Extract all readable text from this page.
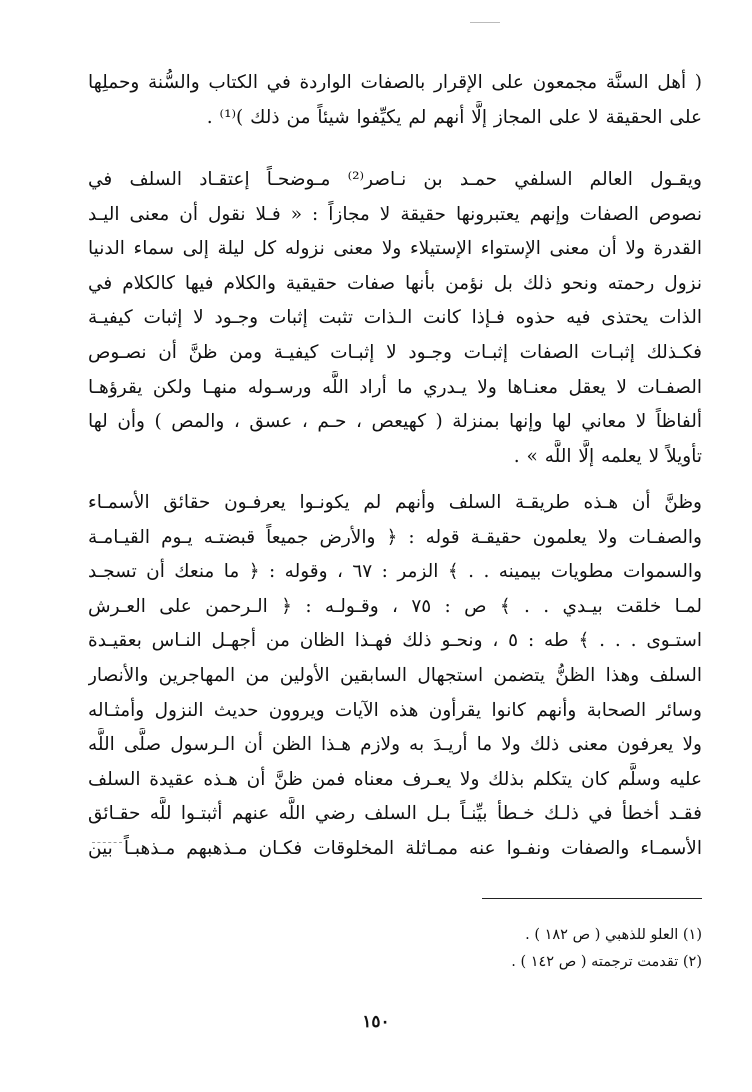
( أهل السنَّة مجمعون على الإقرار بالصفات الواردة في الكتاب والسُّنة وحملِها
على الحقيقة لا على المجاز إلَّا أنهم لم يكيِّفوا شيئاً من ذلك )⁽¹⁾ .
ويقـول العالم السلفي حمـد بن نـاصر⁽²⁾ مـوضحـاً إعتقـاد السلف في
نصوص الصفات وإنهم يعتبرونها حقيقة لا مجازاً : « فـلا نقول أن معنى اليـد
القدرة ولا أن معنى الإستواء الإستيلاء ولا معنى نزوله كل ليلة إلى سماء الدنيا
نزول رحمته ونحو ذلك بل نؤمن بأنها صفات حقيقية والكلام فيها كالكلام في
الذات يحتذى فيه حذوه فـإذا كانت الـذات تثبت إثبات وجـود لا إثبات كيفيـة
فكـذلك إثبـات الصفات إثبـات وجـود لا إثبـات كيفيـة ومن ظنَّ أن نصـوص
الصفـات لا يعقل معنـاها ولا يـدري ما أراد اللَّه ورسـوله منهـا ولكن يقرؤهـا
ألفاظاً لا معاني لها وإنها بمنزلة ( كهيعص ، حـم ، عسق ، والمص ) وأن لها
تأويلاً لا يعلمه إلَّا اللَّه » .
وظنَّ أن هـذه طريقـة السلف وأنهم لم يكونـوا يعرفـون حقائق الأسمـاء
والصفـات ولا يعلمون حقيقـة قوله : ﴿ والأرض جميعاً قبضتـه يـوم القيـامـة
والسموات مطويات بيمينه . . ﴾ الزمر : ٦٧ ، وقوله : ﴿ ما منعك أن تسجـد
لمـا خلقت بيـدي . . ﴾ ص : ٧٥ ، وقـولـه : ﴿ الـرحمن على العـرش
استـوى . . . ﴾ طه : ٥ ، ونحـو ذلك فهـذا الظان من أجهـل النـاس بعقيـدة
السلف وهذا الظنُّ يتضمن استجهال السابقين الأولين من المهاجرين والأنصار
وسائر الصحابة وأنهم كانوا يقرأون هذه الآيات ويروون حديث النزول وأمثـاله
ولا يعرفون معنى ذلك ولا ما أريـدَ به ولازم هـذا الظن أن الـرسول صلَّى اللَّه
عليه وسلَّم كان يتكلم بذلك ولا يعـرف معناه فمن ظنَّ أن هـذه عقيدة السلف
فقـد أخطأ في ذلـك خـطأ بيِّنـاً بـل السلف رضي اللَّه عنهم أثبتـوا للَّه حقـائق
الأسمـاء والصفات ونفـوا عنه ممـاثلة المخلوقات فكـان مـذهبهم مـذهبـاً بين
(١) العلو للذهبي ( ص ١٨٢ ) .
(٢) تقدمت ترجمته ( ص ١٤٢ ) .
١٥٠
